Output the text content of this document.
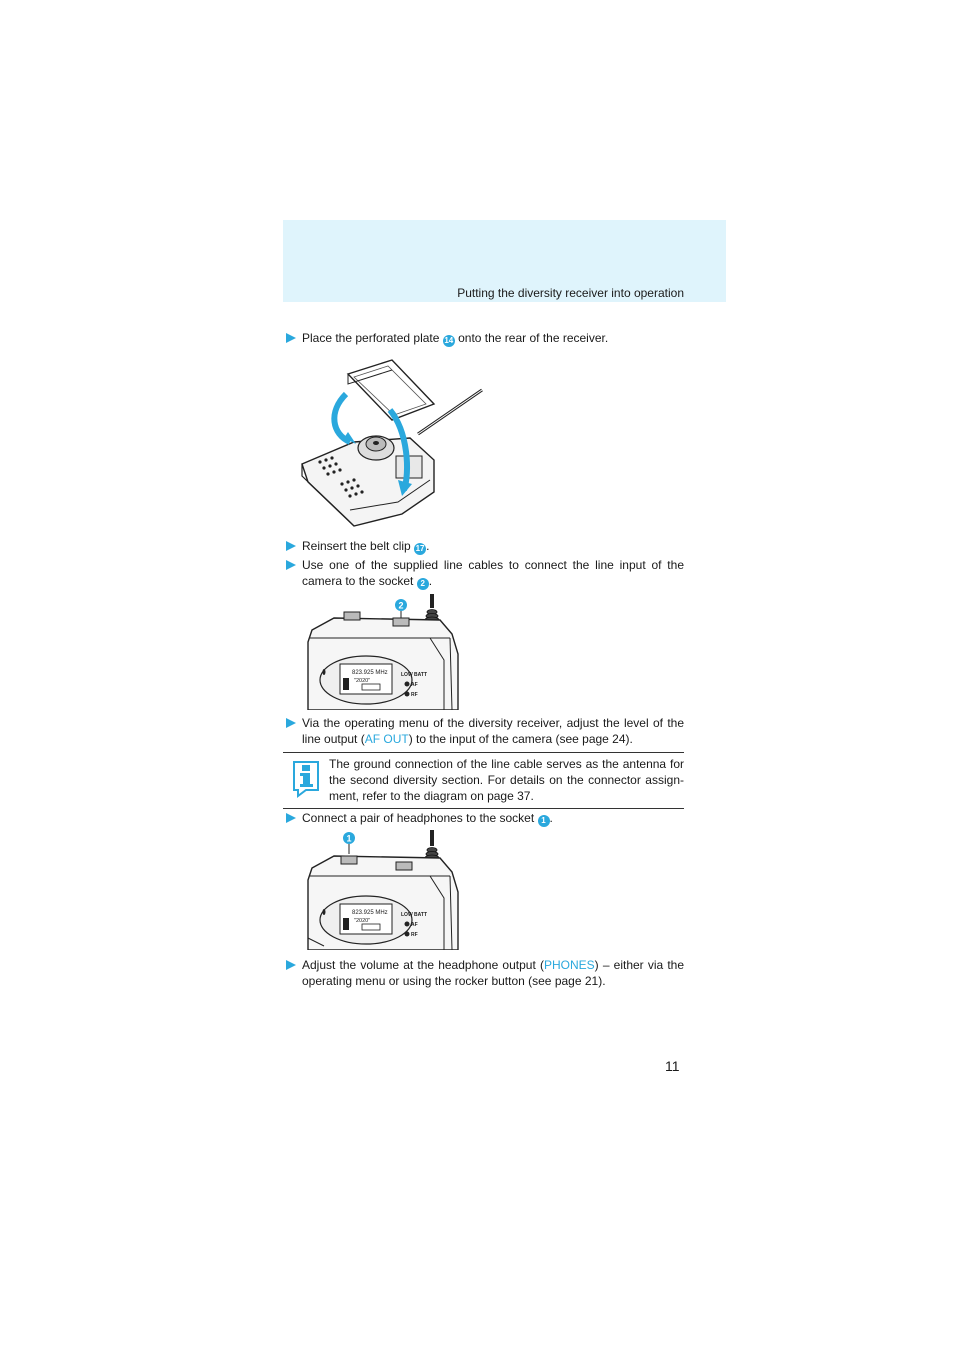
Putting the diversity receiver into operation
Place the perforated plate 14 onto the rear of the receiver.
Reinsert the belt clip 17 .
Use one of the supplied line cables to connect the line input of the camera to the socket 2 .
2
823.925 MHz
"2020"
LOW BATT
AF
RF
Via the operating menu of the diversity receiver, adjust the level of the line output (AF OUT) to the input of the camera (see page 24).
The ground connection of the line cable serves as the antenna for the second diversity section. For details on the connector assign-ment, refer to the diagram on page 37.
Connect a pair of headphones to the socket 1 .
1
823.925 MHz
"2020"
LOW BATT
AF
RF
Adjust the volume at the headphone output (PHONES) – either via the operating menu or using the rocker button (see page 21).
11
